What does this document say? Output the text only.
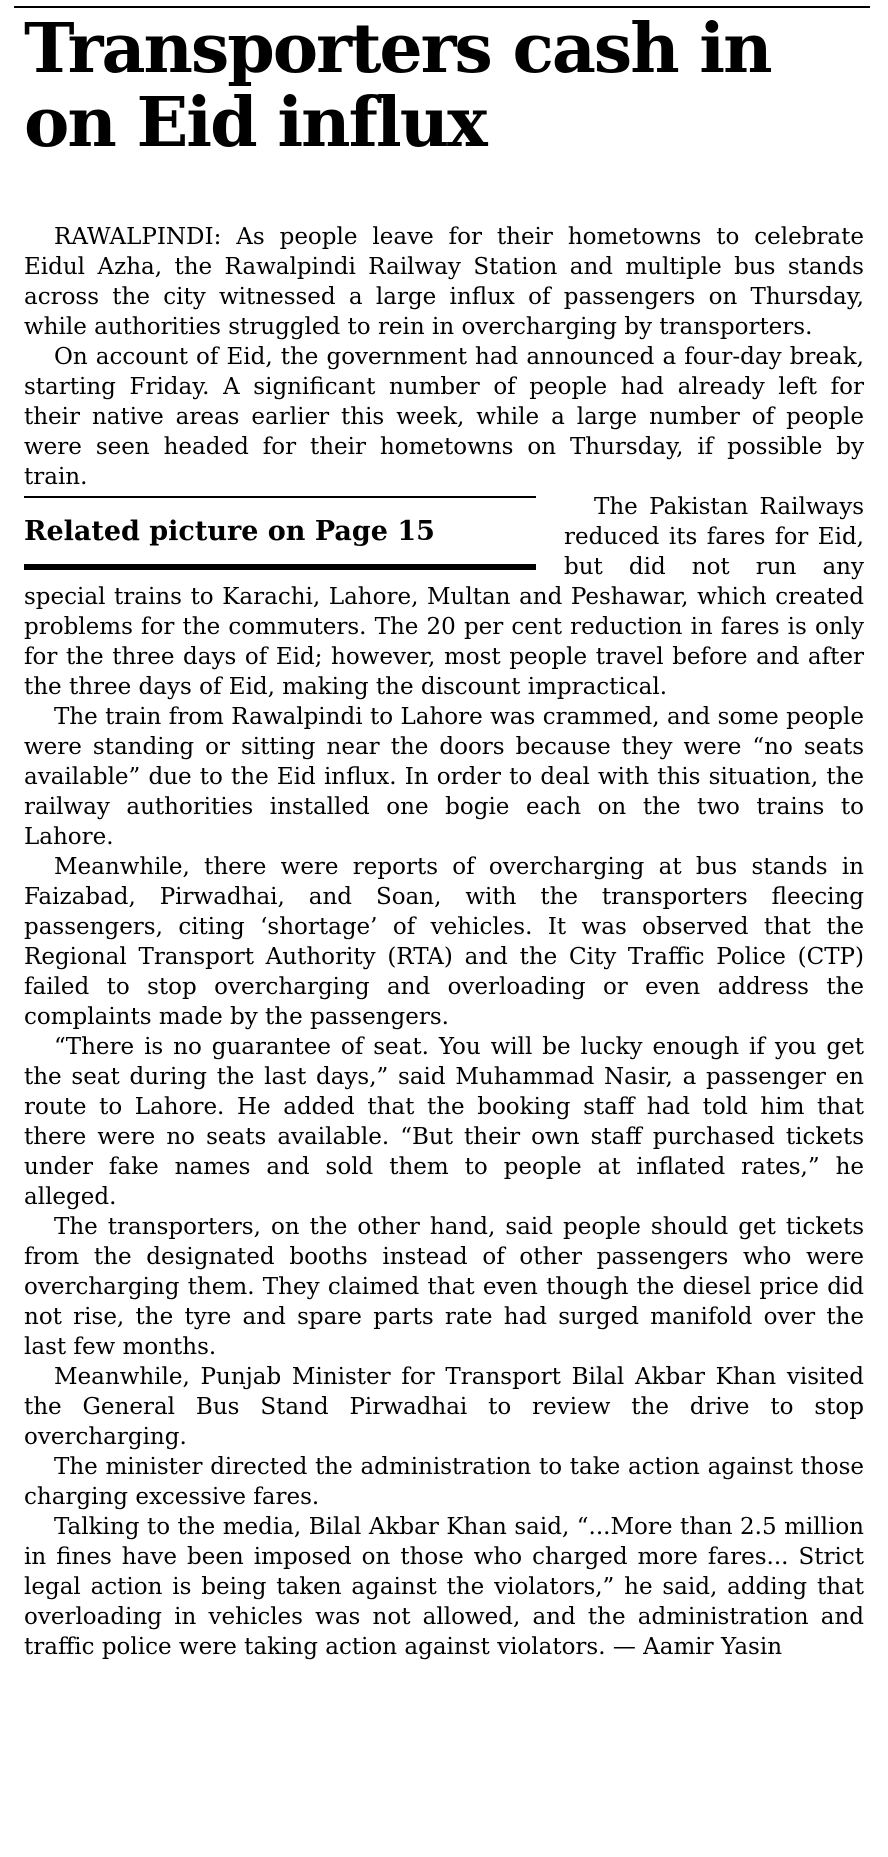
Transporters cash in on Eid influx

RAWALPINDI: As people leave for their hometowns to celebrate Eidul Azha, the Rawalpindi Railway Station and multiple bus stands across the city witnessed a large influx of passengers on Thursday, while authorities struggled to rein in overcharging by transporters.

On account of Eid, the government had announced a four-day break, starting Friday. A significant number of people had already left for their native areas earlier this week, while a large number of people were seen headed for their hometowns on Thursday, if possible by train.

Related picture on Page 15

The Pakistan Railways reduced its fares for Eid, but did not run any special trains to Karachi, Lahore, Multan and Peshawar, which created problems for the commuters. The 20 per cent reduction in fares is only for the three days of Eid; however, most people travel before and after the three days of Eid, making the discount impractical.

The train from Rawalpindi to Lahore was crammed, and some people were standing or sitting near the doors because they were “no seats available” due to the Eid influx. In order to deal with this situation, the railway authorities installed one bogie each on the two trains to Lahore.

Meanwhile, there were reports of overcharging at bus stands in Faizabad, Pirwadhai, and Soan, with the transporters fleecing passengers, citing ‘shortage’ of vehicles. It was observed that the Regional Transport Authority (RTA) and the City Traffic Police (CTP) failed to stop overcharging and overloading or even address the complaints made by the passengers.

“There is no guarantee of seat. You will be lucky enough if you get the seat during the last days,” said Muhammad Nasir, a passenger en route to Lahore. He added that the booking staff had told him that there were no seats available. “But their own staff purchased tickets under fake names and sold them to people at inflated rates,” he alleged.

The transporters, on the other hand, said people should get tickets from the designated booths instead of other passengers who were overcharging them. They claimed that even though the diesel price did not rise, the tyre and spare parts rate had surged manifold over the last few months.

Meanwhile, Punjab Minister for Transport Bilal Akbar Khan visited the General Bus Stand Pirwadhai to review the drive to stop overcharging.

The minister directed the administration to take action against those charging excessive fares.

Talking to the media, Bilal Akbar Khan said, “...More than 2.5 million in fines have been imposed on those who charged more fares... Strict legal action is being taken against the violators,” he said, adding that overloading in vehicles was not allowed, and the administration and traffic police were taking action against violators. — Aamir Yasin
